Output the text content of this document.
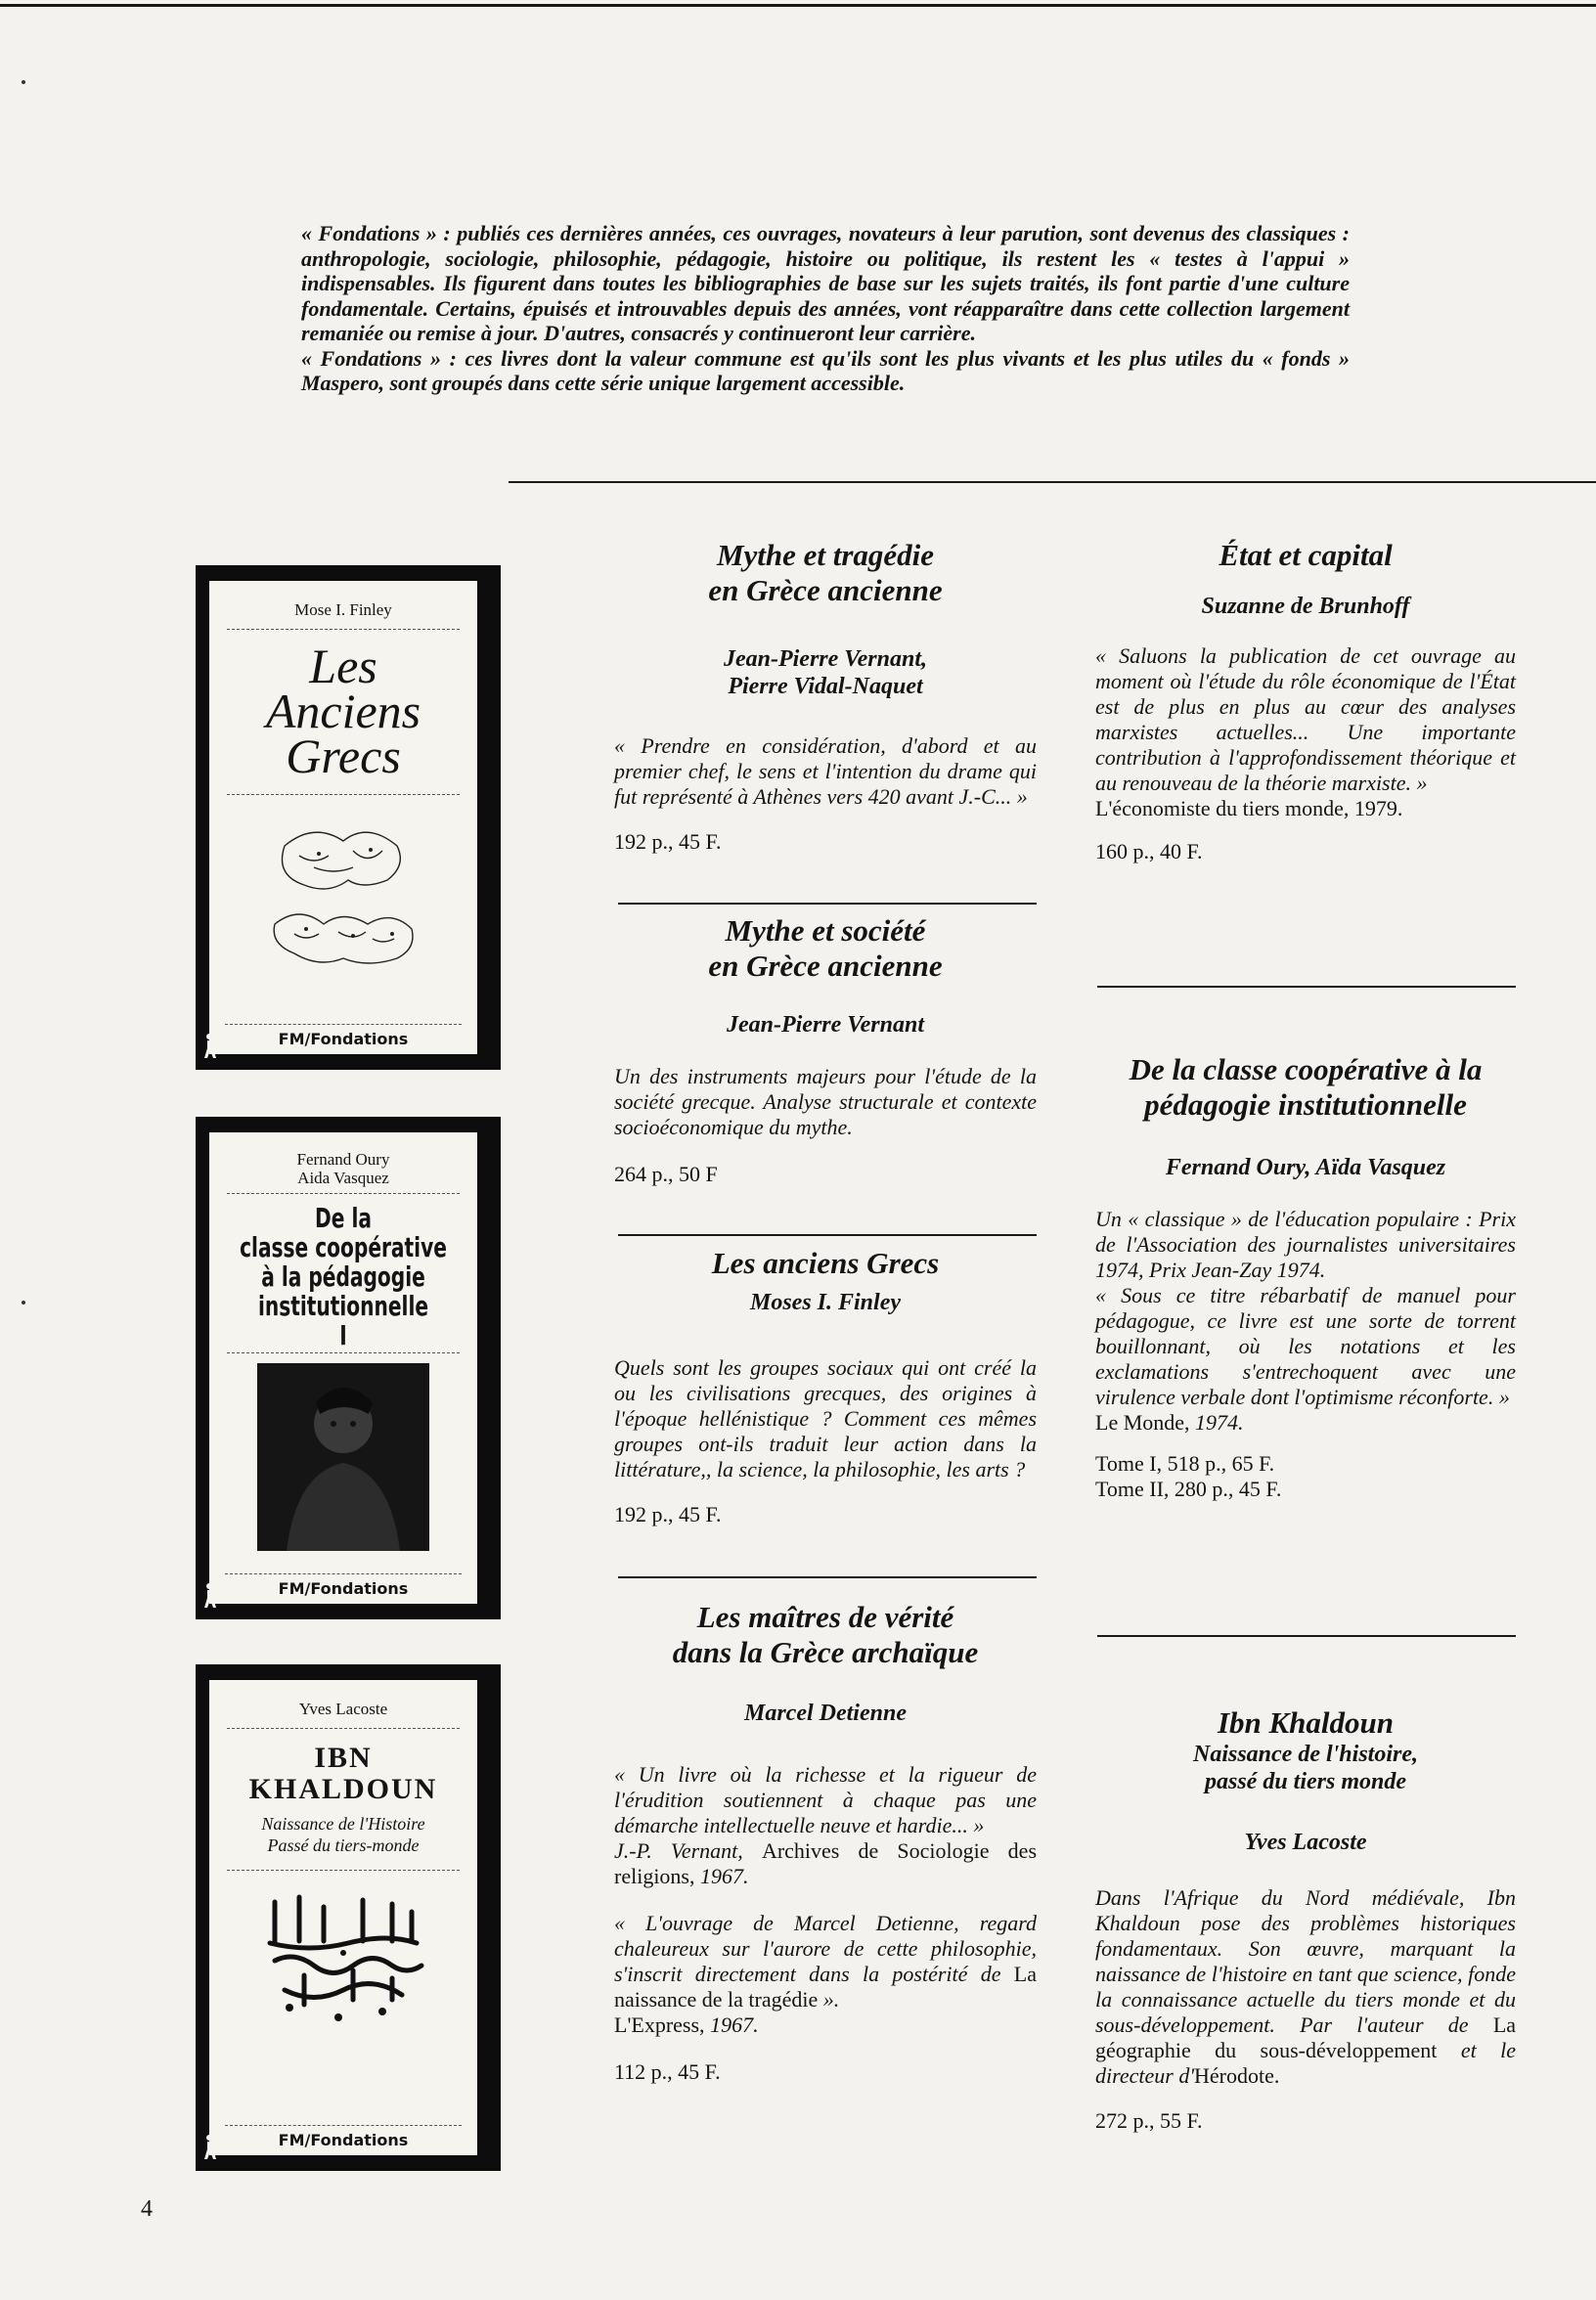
« Fondations » : publiés ces dernières années, ces ouvrages, novateurs à leur parution, sont devenus des classiques : anthropologie, sociologie, philosophie, pédagogie, histoire ou politique, ils restent les « testes à l'appui » indispensables. Ils figurent dans toutes les bibliographies de base sur les sujets traités, ils font partie d'une culture fondamentale. Certains, épuisés et introuvables depuis des années, vont réapparaître dans cette collection largement remaniée ou remise à jour. D'autres, consacrés y continueront leur carrière.

« Fondations » : ces livres dont la valeur commune est qu'ils sont les plus vivants et les plus utiles du « fonds » Maspero, sont groupés dans cette série unique largement accessible.

Mose I. Finley
Les
Anciens
Grecs
FM/Fondations
Fernand Oury
Aida Vasquez
De la
classe coopérative
à la pédagogie
institutionnelle
I
FM/Fondations
Yves Lacoste
IBN
KHALDOUN
Naissance de l'Histoire
Passé du tiers-monde
FM/Fondations
Mythe et tragédie
en Grèce ancienne
Jean-Pierre Vernant,
Pierre Vidal-Naquet
« Prendre en considération, d'abord et au premier chef, le sens et l'intention du drame qui fut représenté à Athènes vers 420 avant J.-C... »
192 p., 45 F.
Mythe et société
en Grèce ancienne
Jean-Pierre Vernant
Un des instruments majeurs pour l'étude de la société grecque. Analyse structurale et contexte socioéconomique du mythe.
264 p., 50 F
Les anciens Grecs
Moses I. Finley
Quels sont les groupes sociaux qui ont créé la ou les civilisations grecques, des origines à l'époque hellénistique ? Comment ces mêmes groupes ont-ils traduit leur action dans la littérature,, la science, la philosophie, les arts ?
192 p., 45 F.
Les maîtres de vérité
dans la Grèce archaïque
Marcel Detienne
« Un livre où la richesse et la rigueur de l'érudition soutiennent à chaque pas une démarche intellectuelle neuve et hardie... »
J.-P. Vernant, Archives de Sociologie des religions, 1967.
« L'ouvrage de Marcel Detienne, regard chaleureux sur l'aurore de cette philosophie, s'inscrit directement dans la postérité de La naissance de la tragédie ».
L'Express, 1967.
112 p., 45 F.
État et capital
Suzanne de Brunhoff
« Saluons la publication de cet ouvrage au moment où l'étude du rôle économique de l'État est de plus en plus au cœur des analyses marxistes actuelles... Une importante contribution à l'approfondissement théorique et au renouveau de la théorie marxiste. »
L'économiste du tiers monde, 1979.
160 p., 40 F.
De la classe coopérative à la
pédagogie institutionnelle
Fernand Oury, Aïda Vasquez
Un « classique » de l'éducation populaire : Prix de l'Association des journalistes universitaires 1974, Prix Jean-Zay 1974.
« Sous ce titre rébarbatif de manuel pour pédagogue, ce livre est une sorte de torrent bouillonnant, où les notations et les exclamations s'entrechoquent avec une virulence verbale dont l'optimisme réconforte. »
Le Monde, 1974.
Tome I, 518 p., 65 F.
Tome II, 280 p., 45 F.
Ibn Khaldoun
Naissance de l'histoire,
passé du tiers monde
Yves Lacoste
Dans l'Afrique du Nord médiévale, Ibn Khaldoun pose des problèmes historiques fondamentaux. Son œuvre, marquant la naissance de l'histoire en tant que science, fonde la connaissance actuelle du tiers monde et du sous-développement. Par l'auteur de La géographie du sous-développement et le directeur d'Hérodote.
272 p., 55 F.
4
